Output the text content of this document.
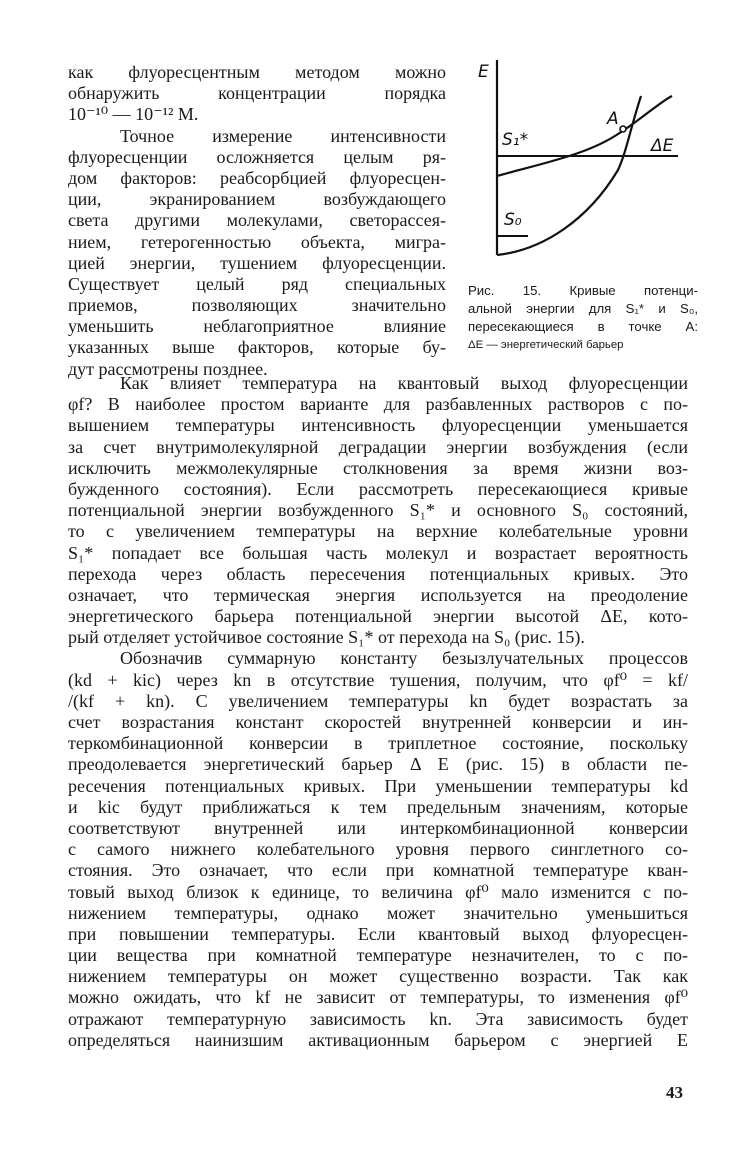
как флуоресцентным методом можно
обнаружить концентрации порядка
10⁻¹⁰ — 10⁻¹² М.
Точное измерение интенсивности
флуоресценции осложняется целым ря-
дом факторов: реабсорбцией флуоресцен-
ции, экранированием возбуждающего
света другими молекулами, светорассея-
нием, гетерогенностью объекта, мигра-
цией энергии, тушением флуоресценции.
Существует целый ряд специальных
приемов, позволяющих значительно
уменьшить неблагоприятное влияние
указанных выше факторов, которые бу-
дут рассмотрены позднее.
E
S₁*
S₀
A
ΔE
Рис. 15. Кривые потенци-
альной энергии для S₁* и S₀,
пересекающиеся в точке A:
ΔE — энергетический барьер
Как влияет температура на квантовый выход флуоресценции
φf? В наиболее простом варианте для разбавленных растворов с по-
вышением температуры интенсивность флуоресценции уменьшается
за счет внутримолекулярной деградации энергии возбуждения (если
исключить межмолекулярные столкновения за время жизни воз-
бужденного состояния). Если рассмотреть пересекающиеся кривые
потенциальной энергии возбужденного S₁* и основного S₀ состояний,
то с увеличением температуры на верхние колебательные уровни
S₁* попадает все большая часть молекул и возрастает вероятность
перехода через область пересечения потенциальных кривых. Это
означает, что термическая энергия используется на преодоление
энергетического барьера потенциальной энергии высотой ΔE, кото-
рый отделяет устойчивое состояние S₁* от перехода на S₀ (рис. 15).
Обозначив суммарную константу безызлучательных процессов
(kd + kic) через kn в отсутствие тушения, получим, что φf⁰ = kf/
/(kf + kn). С увеличением температуры kn будет возрастать за
счет возрастания констант скоростей внутренней конверсии и ин-
теркомбинационной конверсии в триплетное состояние, поскольку
преодолевается энергетический барьер Δ E (рис. 15) в области пе-
ресечения потенциальных кривых. При уменьшении температуры kd
и kic будут приближаться к тем предельным значениям, которые
соответствуют внутренней или интеркомбинационной конверсии
с самого нижнего колебательного уровня первого синглетного со-
стояния. Это означает, что если при комнатной температуре кван-
товый выход близок к единице, то величина φf⁰ мало изменится с по-
нижением температуры, однако может значительно уменьшиться
при повышении температуры. Если квантовый выход флуоресцен-
ции вещества при комнатной температуре незначителен, то с по-
нижением температуры он может существенно возрасти. Так как
можно ожидать, что kf не зависит от температуры, то изменения φf⁰
отражают температурную зависимость kn. Эта зависимость будет
определяться наинизшим активационным барьером с энергией E
43
